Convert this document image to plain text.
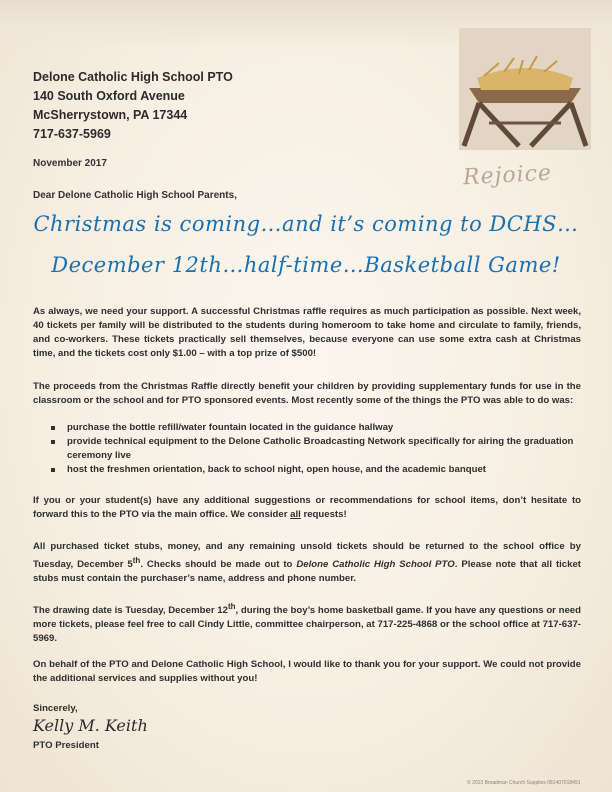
Delone Catholic High School PTO
140 South Oxford Avenue
McSherrystown, PA 17344
717-637-5969
Rejoice
November 2017
Dear Delone Catholic High School Parents,
Christmas is coming…and it’s coming to DCHS…
December 12th…half-time…Basketball Game!
As always, we need your support. A successful Christmas raffle requires as much participation as possible. Next week, 40 tickets per family will be distributed to the students during homeroom to take home and circulate to family, friends, and co-workers. These tickets practically sell themselves, because everyone can use some extra cash at Christmas time, and the tickets cost only $1.00 – with a top prize of $500!
The proceeds from the Christmas Raffle directly benefit your children by providing supplementary funds for use in the classroom or the school and for PTO sponsored events. Most recently some of the things the PTO was able to do was:
purchase the bottle refill/water fountain located in the guidance hallway
provide technical equipment to the Delone Catholic Broadcasting Network specifically for airing the graduation ceremony live
host the freshmen orientation, back to school night, open house, and the academic banquet
If you or your student(s) have any additional suggestions or recommendations for school items, don’t hesitate to forward this to the PTO via the main office. We consider all requests!
All purchased ticket stubs, money, and any remaining unsold tickets should be returned to the school office by Tuesday, December 5th. Checks should be made out to Delone Catholic High School PTO. Please note that all ticket stubs must contain the purchaser’s name, address and phone number.
The drawing date is Tuesday, December 12th, during the boy’s home basketball game. If you have any questions or need more tickets, please feel free to call Cindy Little, committee chairperson, at 717-225-4868 or the school office at 717-637-5969.
On behalf of the PTO and Delone Catholic High School, I would like to thank you for your support. We could not provide the additional services and supplies without you!
Sincerely,
Kelly M. Keith
PTO President
© 2013 Broadman Church Supplies 081407018491
